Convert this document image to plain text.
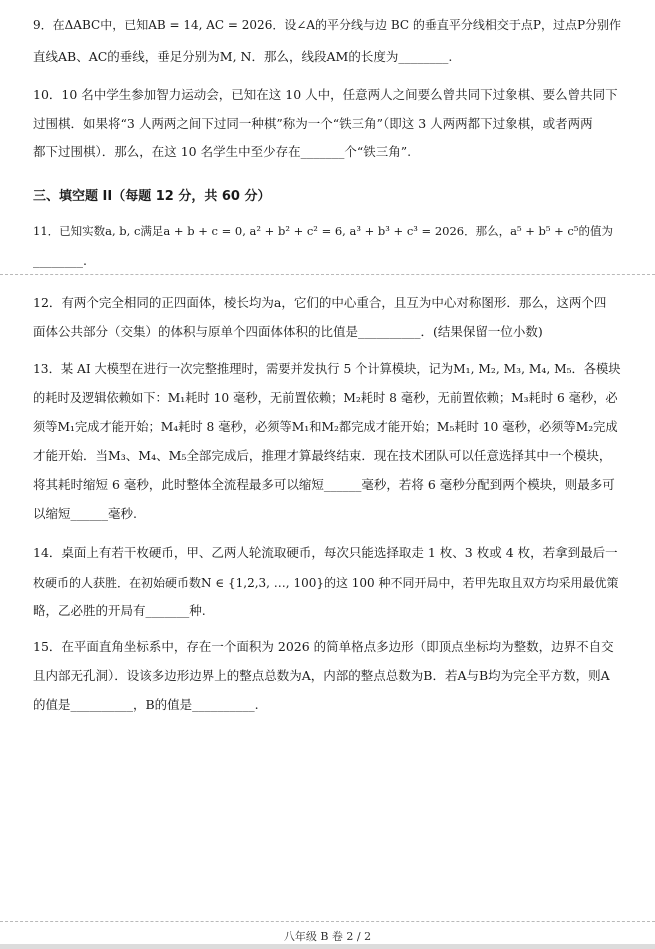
9．在ΔABC中，已知AB = 14, AC = 2026．设∠A的平分线与边 BC 的垂直平分线相交于点P，过点P分别作
直线AB、AC的垂线，垂足分别为M, N．那么，线段AM的长度为________.
10．10 名中学生参加智力运动会，已知在这 10 人中，任意两人之间要么曾共同下过象棋、要么曾共同下
过围棋．如果将“3 人两两之间下过同一种棋”称为一个“铁三角”（即这 3 人两两都下过象棋，或者两两
都下过围棋）．那么，在这 10 名学生中至少存在_______个“铁三角”.
三、填空题 II（每题 12 分，共 60 分）
11．已知实数a, b, c满足a + b + c = 0, a² + b² + c² = 6, a³ + b³ + c³ = 2026．那么，a⁵ + b⁵ + c⁵的值为
________.
12．有两个完全相同的正四面体，棱长均为a，它们的中心重合，且互为中心对称图形．那么，这两个四
面体公共部分（交集）的体积与原单个四面体体积的比值是__________．(结果保留一位小数)
13．某 AI 大模型在进行一次完整推理时，需要并发执行 5 个计算模块，记为M₁, M₂, M₃, M₄, M₅．各模块
的耗时及逻辑依赖如下：M₁耗时 10 毫秒，无前置依赖；M₂耗时 8 毫秒，无前置依赖；M₃耗时 6 毫秒，必
须等M₁完成才能开始；M₄耗时 8 毫秒，必须等M₁和M₂都完成才能开始；M₅耗时 10 毫秒，必须等M₂完成
才能开始．当M₃、M₄、M₅全部完成后，推理才算最终结束．现在技术团队可以任意选择其中一个模块，
将其耗时缩短 6 毫秒，此时整体全流程最多可以缩短______毫秒，若将 6 毫秒分配到两个模块，则最多可
以缩短______毫秒.
14．桌面上有若干枚硬币，甲、乙两人轮流取硬币，每次只能选择取走 1 枚、3 枚或 4 枚，若拿到最后一
枚硬币的人获胜．在初始硬币数N ∈ {1,2,3, …, 100}的这 100 种不同开局中，若甲先取且双方均采用最优策
略，乙必胜的开局有_______种.
15．在平面直角坐标系中，存在一个面积为 2026 的简单格点多边形（即顶点坐标均为整数，边界不自交
且内部无孔洞）．设该多边形边界上的整点总数为A，内部的整点总数为B．若A与B均为完全平方数，则A
的值是__________，B的值是__________.
八年级 B 卷 2 / 2
